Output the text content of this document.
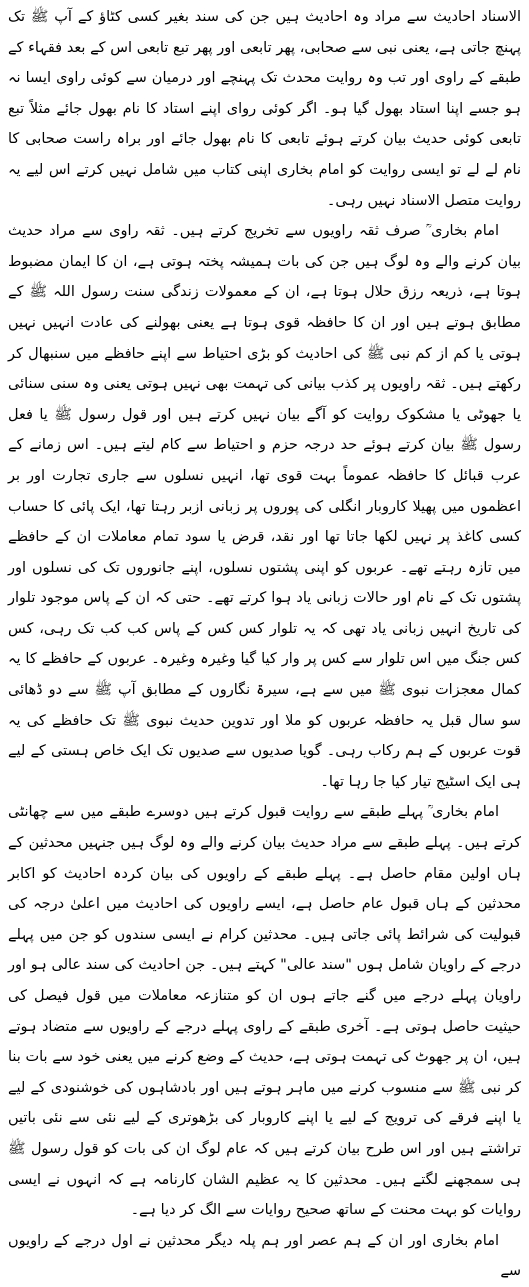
الاسناد احادیث سے مراد وہ احادیث ہیں جن کی سند بغیر کسی کٹاؤ کے آپ ﷺ تک پہنچ جاتی ہے، یعنی نبی سے صحابی، پھر تابعی اور پھر تبع تابعی اس کے بعد فقہاء کے طبقے کے راوی اور تب وہ روایت محدث تک پہنچے اور درمیان سے کوئی راوی ایسا نہ ہو جسے اپنا استاد بھول گیا ہو۔ اگر کوئی روای اپنے استاد کا نام بھول جائے مثلاً تبع تابعی کوئی حدیث بیان کرتے ہوئے تابعی کا نام بھول جائے اور براہ راست صحابی کا نام لے لے تو ایسی روایت کو امام بخاری اپنی کتاب میں شامل نہیں کرتے اس لیے یہ روایت متصل الاسناد نہیں رہی۔

امام بخاری ؒ صرف ثقہ راویوں سے تخریج کرتے ہیں۔ ثقہ راوی سے مراد حدیث بیان کرنے والے وہ لوگ ہیں جن کی بات ہمیشہ پختہ ہوتی ہے، ان کا ایمان مضبوط ہوتا ہے، ذریعہ رزق حلال ہوتا ہے، ان کے معمولات زندگی سنت رسول اللہ ﷺ کے مطابق ہوتے ہیں اور ان کا حافظہ قوی ہوتا ہے یعنی بھولنے کی عادت انہیں نہیں ہوتی یا کم از کم نبی ﷺ کی احادیث کو بڑی احتیاط سے اپنے حافظے میں سنبھال کر رکھتے ہیں۔ ثقہ راویوں پر کذب بیانی کی تہمت بھی نہیں ہوتی یعنی وہ سنی سنائی یا جھوٹی یا مشکوک روایت کو آگے بیان نہیں کرتے ہیں اور قول رسول ﷺ یا فعل رسول ﷺ بیان کرتے ہوئے حد درجہ حزم و احتیاط سے کام لیتے ہیں۔ اس زمانے کے عرب قبائل کا حافظہ عموماً بہت قوی تھا، انہیں نسلوں سے جاری تجارت اور بر اعظموں میں پھیلا کاروبار انگلی کی پوروں پر زبانی ازبر رہتا تھا، ایک پائی کا حساب کسی کاغذ پر نہیں لکھا جاتا تھا اور نقد، قرض یا سود تمام معاملات ان کے حافظے میں تازہ رہتے تھے۔ عربوں کو اپنی پشتوں نسلوں، اپنے جانوروں تک کی نسلوں اور پشتوں تک کے نام اور حالات زبانی یاد ہوا کرتے تھے۔ حتی کہ ان کے پاس موجود تلوار کی تاریخ انہیں زبانی یاد تھی کہ یہ تلوار کس کس کے پاس کب کب تک رہی، کس کس جنگ میں اس تلوار سے کس پر وار کیا گیا وغیرہ وغیرہ۔ عربوں کے حافظے کا یہ کمال معجزات نبوی ﷺ میں سے ہے، سیرۃ نگاروں کے مطابق آپ ﷺ سے دو ڈھائی سو سال قبل یہ حافظہ عربوں کو ملا اور تدوین حدیث نبوی ﷺ تک حافظے کی یہ قوت عربوں کے ہم رکاب رہی۔ گویا صدیوں سے صدیوں تک ایک خاص ہستی کے لیے ہی ایک اسٹیج تیار کیا جا رہا تھا۔

امام بخاری ؒ پہلے طبقے سے روایت قبول کرتے ہیں دوسرے طبقے میں سے چھانٹی کرتے ہیں۔ پہلے طبقے سے مراد حدیث بیان کرنے والے وہ لوگ ہیں جنہیں محدثین کے ہاں اولین مقام حاصل ہے۔ پہلے طبقے کے راویوں کی بیان کردہ احادیث کو اکابر محدثین کے ہاں قبول عام حاصل ہے، ایسے راویوں کی احادیث میں اعلیٰ درجہ کی قبولیت کی شرائط پائی جاتی ہیں۔ محدثین کرام نے ایسی سندوں کو جن میں پہلے درجے کے راویان شامل ہوں "سند عالی" کہتے ہیں۔ جن احادیث کی سند عالی ہو اور راویان پہلے درجے میں گنے جاتے ہوں ان کو متنازعہ معاملات میں قول فیصل کی حیثیت حاصل ہوتی ہے۔ آخری طبقے کے راوی پہلے درجے کے راویوں سے متضاد ہوتے ہیں، ان پر جھوٹ کی تہمت ہوتی ہے، حدیث کے وضع کرنے میں یعنی خود سے بات بنا کر نبی ﷺ سے منسوب کرنے میں ماہر ہوتے ہیں اور بادشاہوں کی خوشنودی کے لیے یا اپنے فرقے کی ترویج کے لیے یا اپنے کاروبار کی بڑھوتری کے لیے نئی سے نئی باتیں تراشتے ہیں اور اس طرح بیان کرتے ہیں کہ عام لوگ ان کی بات کو قول رسول ﷺ ہی سمجھنے لگتے ہیں۔ محدثین کا یہ عظیم الشان کارنامہ ہے کہ انہوں نے ایسی روایات کو بہت محنت کے ساتھ صحیح روایات سے الگ کر دیا ہے۔

امام بخاری اور ان کے ہم عصر اور ہم پلہ دیگر محدثین نے اول درجے کے راویوں سے
